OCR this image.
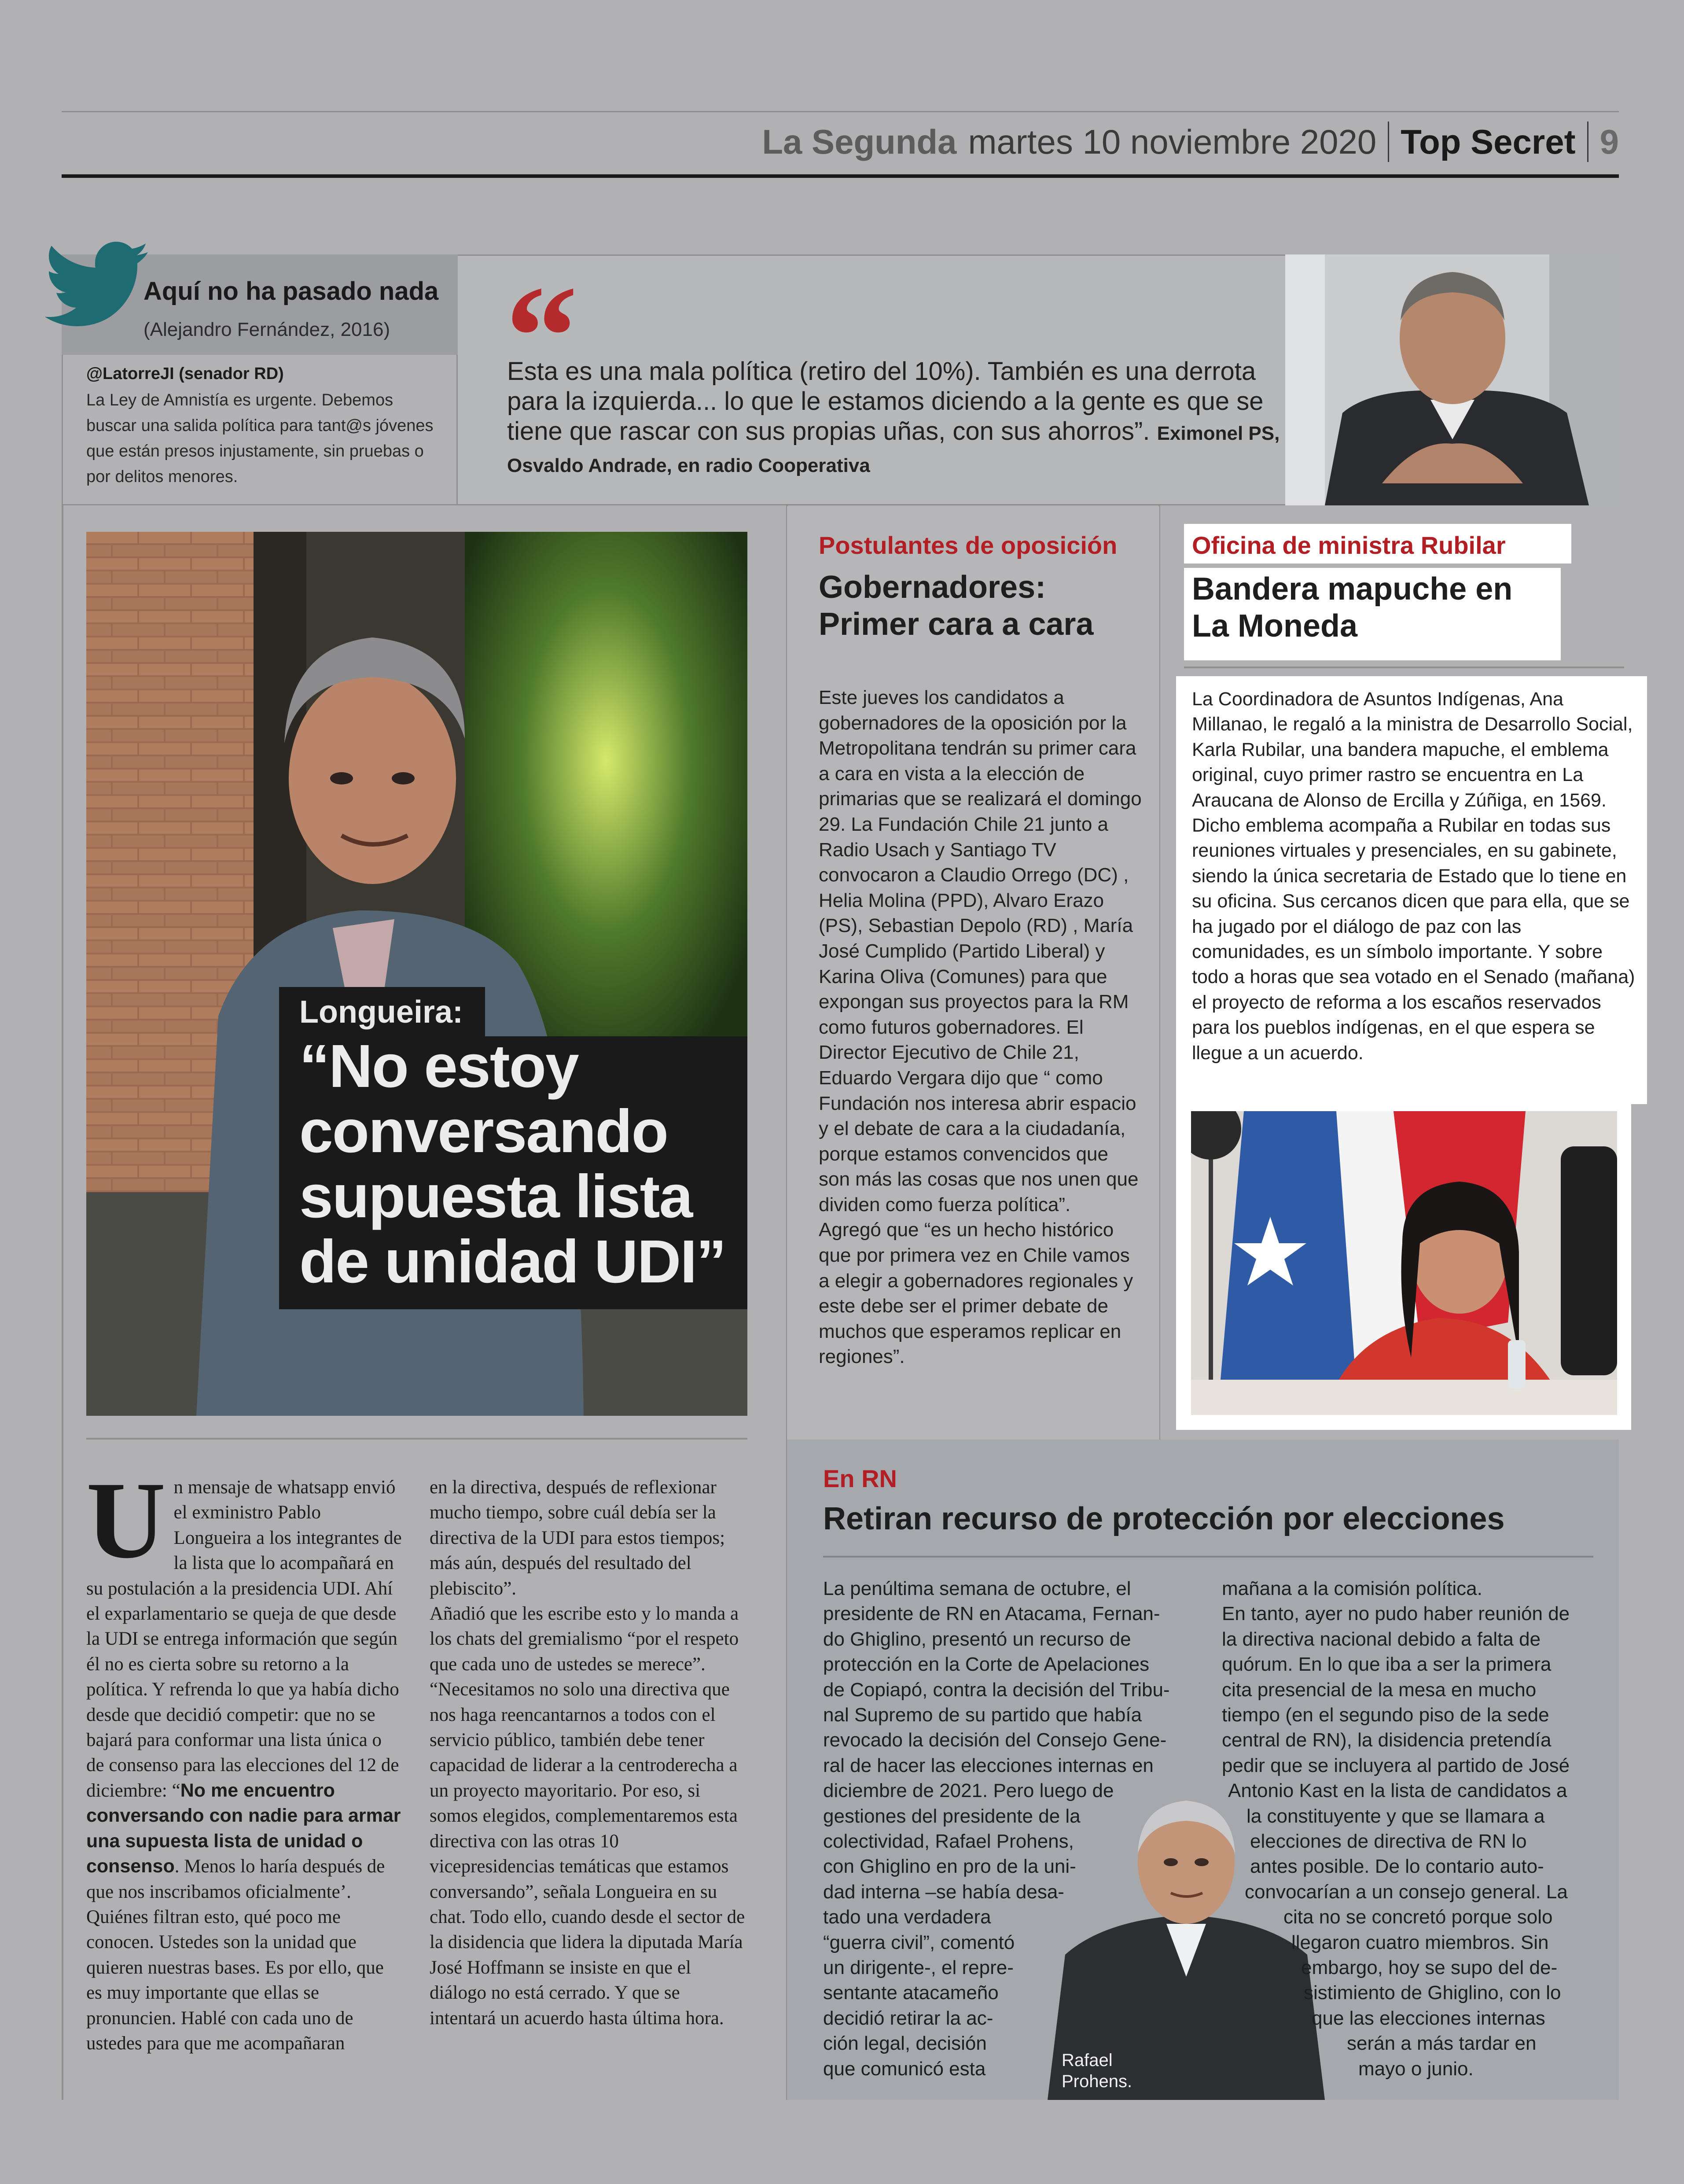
La Segunda martes 10 noviembre 2020 Top Secret 9
Aquí no ha pasado nada
(Alejandro Fernández, 2016)
@LatorreJI (senador RD)
La Ley de Amnistía es urgente. Debemos buscar una salida política para tant@s jóvenes que están presos injustamente, sin pruebas o por delitos menores.
“
Esta es una mala política (retiro del 10%). También es una derrota para la izquierda... lo que le estamos diciendo a la gente es que se tiene que rascar con sus propias uñas, con sus ahorros”. Eximonel PS, Osvaldo Andrade, en radio Cooperativa
Longueira:
“No estoy conversando supuesta lista de unidad UDI”
Un mensaje de whatsapp envió el exministro Pablo Longueira a los integrantes de la lista que lo acompañará en su postulación a la presidencia UDI. Ahí el exparlamentario se queja de que desde la UDI se entrega información que según él no es cierta sobre su retorno a la política. Y refrenda lo que ya había dicho desde que decidió competir: que no se bajará para conformar una lista única o de consenso para las elecciones del 12 de diciembre: “No me encuentro conversando con nadie para armar una supuesta lista de unidad o consenso. Menos lo haría después de que nos inscribamos oficialmente’. Quiénes filtran esto, qué poco me conocen. Ustedes son la unidad que quieren nuestras bases. Es por ello, que es muy importante que ellas se pronuncien. Hablé con cada uno de ustedes para que me acompañaran
en la directiva, después de reflexionar mucho tiempo, sobre cuál debía ser la directiva de la UDI para estos tiempos; más aún, después del resultado del plebiscito”.
Añadió que les escribe esto y lo manda a los chats del gremialismo “por el respeto que cada uno de ustedes se merece”.
“Necesitamos no solo una directiva que nos haga reencantarnos a todos con el servicio público, también debe tener capacidad de liderar a la centroderecha a un proyecto mayoritario. Por eso, si somos elegidos, complementaremos esta directiva con las otras 10 vicepresidencias temáticas que estamos conversando”, señala Longueira en su chat. Todo ello, cuando desde el sector de la disidencia que lidera la diputada María José Hoffmann se insiste en que el diálogo no está cerrado. Y que se intentará un acuerdo hasta última hora.
Postulantes de oposición
Gobernadores: Primer cara a cara
Este jueves los candidatos a gobernadores de la oposición por la Metropolitana tendrán su primer cara a cara en vista a la elección de primarias que se realizará el domingo 29. La Fundación Chile 21 junto a Radio Usach y Santiago TV convocaron a Claudio Orrego (DC) , Helia Molina (PPD), Alvaro Erazo (PS), Sebastian Depolo (RD) , María José Cumplido (Partido Liberal) y Karina Oliva (Comunes) para que expongan sus proyectos para la RM como futuros gobernadores. El Director Ejecutivo de Chile 21, Eduardo Vergara dijo que “ como Fundación nos interesa abrir espacio y el debate de cara a la ciudadanía, porque estamos convencidos que son más las cosas que nos unen que dividen como fuerza política”.
Agregó que “es un hecho histórico que por primera vez en Chile vamos a elegir a gobernadores regionales y este debe ser el primer debate de muchos que esperamos replicar en regiones”.
Oficina de ministra Rubilar
Bandera mapuche en La Moneda
La Coordinadora de Asuntos Indígenas, Ana Millanao, le regaló a la ministra de Desarrollo Social, Karla Rubilar, una bandera mapuche, el emblema original, cuyo primer rastro se encuentra en La Araucana de Alonso de Ercilla y Zúñiga, en 1569. Dicho emblema acompaña a Rubilar en todas sus reuniones virtuales y presenciales, en su gabinete, siendo la única secretaria de Estado que lo tiene en su oficina. Sus cercanos dicen que para ella, que se ha jugado por el diálogo de paz con las comunidades, es un símbolo importante. Y sobre todo a horas que sea votado en el Senado (mañana) el proyecto de reforma a los escaños reservados para los pueblos indígenas, en el que espera se llegue a un acuerdo.
En RN
Retiran recurso de protección por elecciones
Rafael Prohens.
La penúltima semana de octubre, el
presidente de RN en Atacama, Fernan-
do Ghiglino, presentó un recurso de
protección en la Corte de Apelaciones
de Copiapó, contra la decisión del Tribu-
nal Supremo de su partido que había
revocado la decisión del Consejo Gene-
ral de hacer las elecciones internas en
diciembre de 2021. Pero luego de
gestiones del presidente de la
colectividad, Rafael Prohens,
con Ghiglino en pro de la uni-
dad interna –se había desa-
tado una verdadera
“guerra civil”, comentó
un dirigente-, el repre-
sentante atacameño
decidió retirar la ac-
ción legal, decisión
que comunicó esta
mañana a la comisión política.
En tanto, ayer no pudo haber reunión de
la directiva nacional debido a falta de
quórum. En lo que iba a ser la primera
cita presencial de la mesa en mucho
tiempo (en el segundo piso de la sede
central de RN), la disidencia pretendía
pedir que se incluyera al partido de José
Antonio Kast en la lista de candidatos a
la constituyente y que se llamara a
elecciones de directiva de RN lo
antes posible. De lo contario auto-
convocarían a un consejo general. La
cita no se concretó porque solo
llegaron cuatro miembros. Sin
embargo, hoy se supo del de-
sistimiento de Ghiglino, con lo
que las elecciones internas
serán a más tardar en
mayo o junio.
